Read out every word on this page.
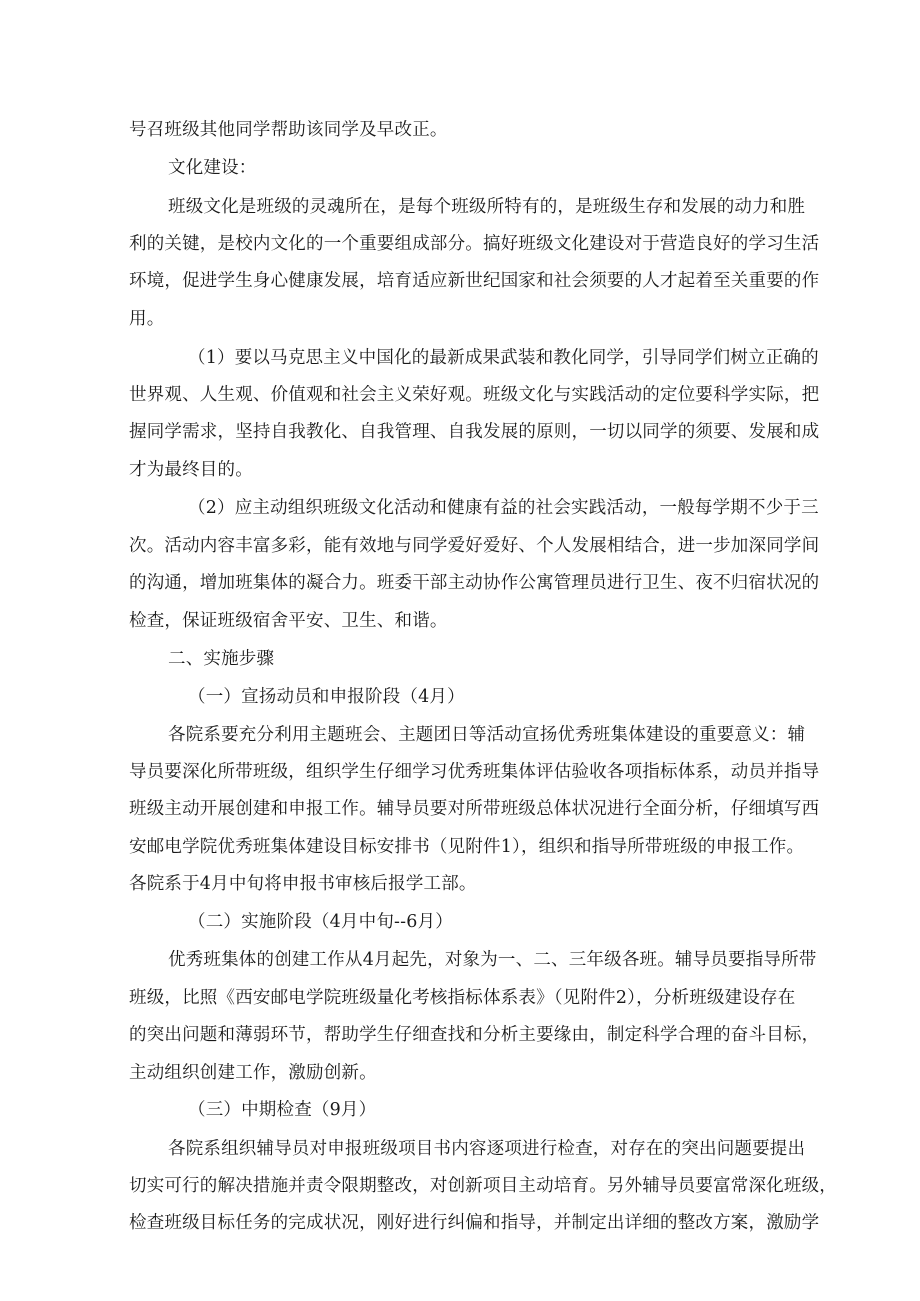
号召班级其他同学帮助该同学及早改正。
文化建设：
班级文化是班级的灵魂所在，是每个班级所特有的，是班级生存和发展的动力和胜
利的关键，是校内文化的一个重要组成部分。搞好班级文化建设对于营造良好的学习生活
环境，促进学生身心健康发展，培育适应新世纪国家和社会须要的人才起着至关重要的作
用。
（1）要以马克思主义中国化的最新成果武装和教化同学，引导同学们树立正确的
世界观、人生观、价值观和社会主义荣好观。班级文化与实践活动的定位要科学实际，把
握同学需求，坚持自我教化、自我管理、自我发展的原则，一切以同学的须要、发展和成
才为最终目的。
（2）应主动组织班级文化活动和健康有益的社会实践活动，一般每学期不少于三
次。活动内容丰富多彩，能有效地与同学爱好爱好、个人发展相结合，进一步加深同学间
的沟通，增加班集体的凝合力。班委干部主动协作公寓管理员进行卫生、夜不归宿状况的
检查，保证班级宿舍平安、卫生、和谐。
二、实施步骤
（一）宣扬动员和申报阶段（4月）
各院系要充分利用主题班会、主题团日等活动宣扬优秀班集体建设的重要意义：辅
导员要深化所带班级，组织学生仔细学习优秀班集体评估验收各项指标体系，动员并指导
班级主动开展创建和申报工作。辅导员要对所带班级总体状况进行全面分析，仔细填写西
安邮电学院优秀班集体建设目标安排书（见附件1），组织和指导所带班级的申报工作。
各院系于4月中旬将申报书审核后报学工部。
（二）实施阶段（4月中旬--6月）
优秀班集体的创建工作从4月起先，对象为一、二、三年级各班。辅导员要指导所带
班级，比照《西安邮电学院班级量化考核指标体系表》（见附件2），分析班级建设存在
的突出问题和薄弱环节，帮助学生仔细查找和分析主要缘由，制定科学合理的奋斗目标，
主动组织创建工作，激励创新。
（三）中期检查（9月）
各院系组织辅导员对申报班级项目书内容逐项进行检查，对存在的突出问题要提出
切实可行的解决措施并责令限期整改，对创新项目主动培育。另外辅导员要富常深化班级，
检查班级目标任务的完成状况，刚好进行纠偏和指导，并制定出详细的整改方案，激励学
